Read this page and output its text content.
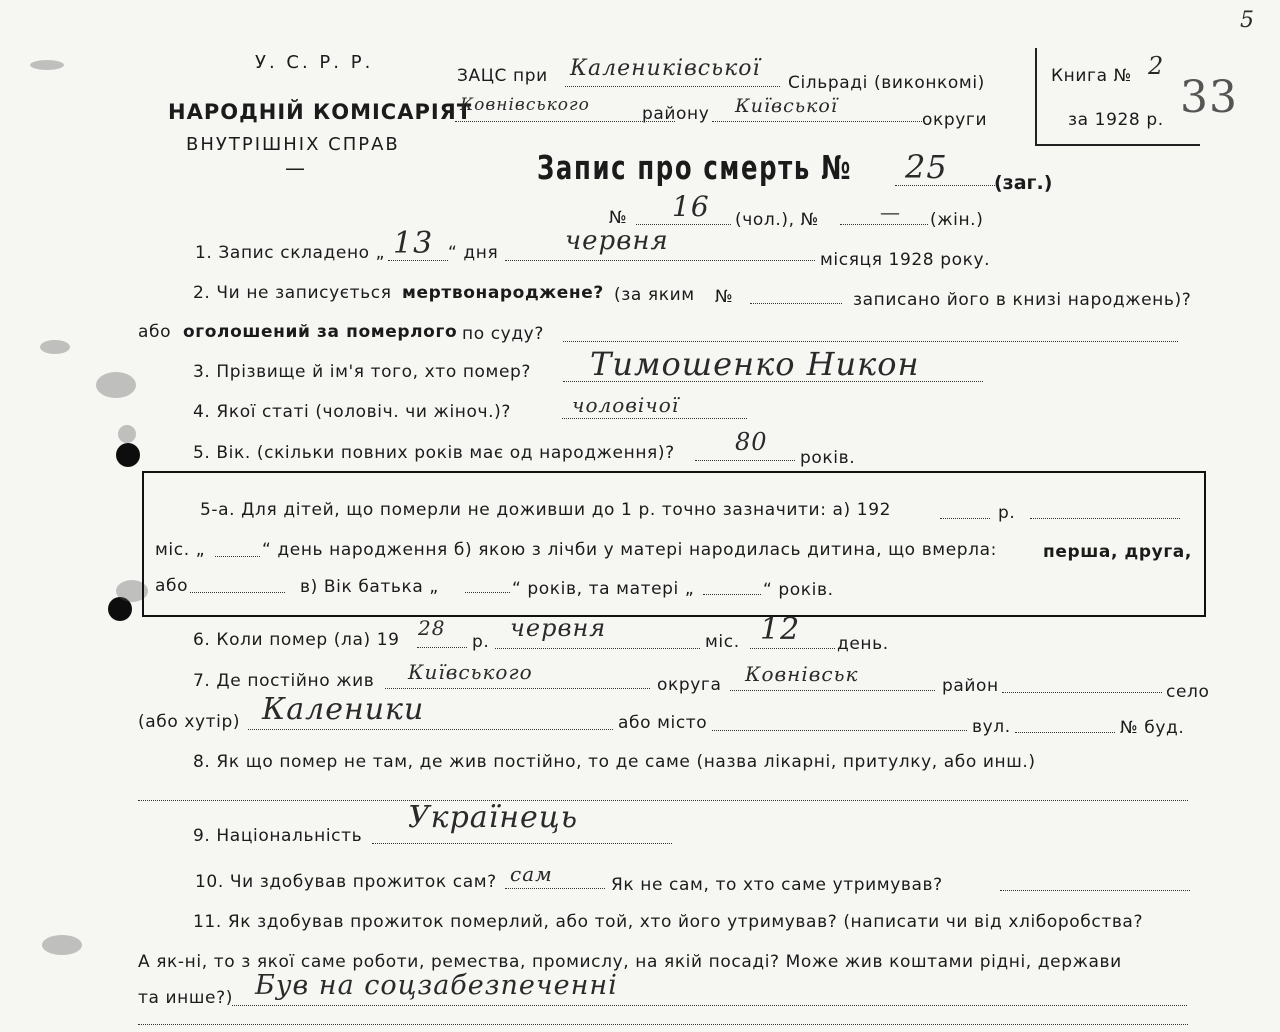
У. С. Р. Р.
НАРОДНІЙ КОМІСАРІЯТ
ВНУТРІШНІХ СПРАВ
—
ЗАЦС при Калениківської
Сільраді (виконкомі)
Ковнівського	району Київської
округи
Книга № 2
за 1928 р. 33
5
Запис про смерть № 25 (заг.)
№ 16 (чол.), №	— (жін.)
1. Запис складено „ 13 “ дня	червня
місяця 1928 року.
2. Чи не записується мертвонароджене? (за яким №	записано його в книзі народжень)?
або оголошений за померлого по суду?
3. Прізвище й ім'я того, хто помер? Тимошенко Никон
4. Якої статі (чоловіч. чи жіноч.)?	чоловічої
5. Вік. (скільки повних років має од народження)?	80
років.
5-а. Для дітей, що померли не доживши до 1 р. точно зазначити: а) 192	р.
міс. „	“ день народження б) якою з лічби у матері народилась дитина, що вмерла:	перша, друга,
або	в) Вік батька „	“ років, та матері „	“ років.
6. Коли помер (ла) 19 28
р. червня	міс. 12 день.
7. Де постійно жив Київського
округа Ковнівськ	район	село
(або хутір) Каленики	або місто	вул.	№ буд.
8. Як що помер не там, де жив постійно, то де саме (назва лікарні, притулку, або инш.)
9. Національність
Українець
10. Чи здобував прожиток сам? сам	Як не сам, то хто саме утримував?
11. Як здобував прожиток померлий, або той, хто його утримував? (написати чи від хліборобства?
А як-ні, то з якої саме роботи, ремества, промислу, на якій посаді? Може жив коштами рідні, держави
та инше?) Був на соцзабезпеченні
